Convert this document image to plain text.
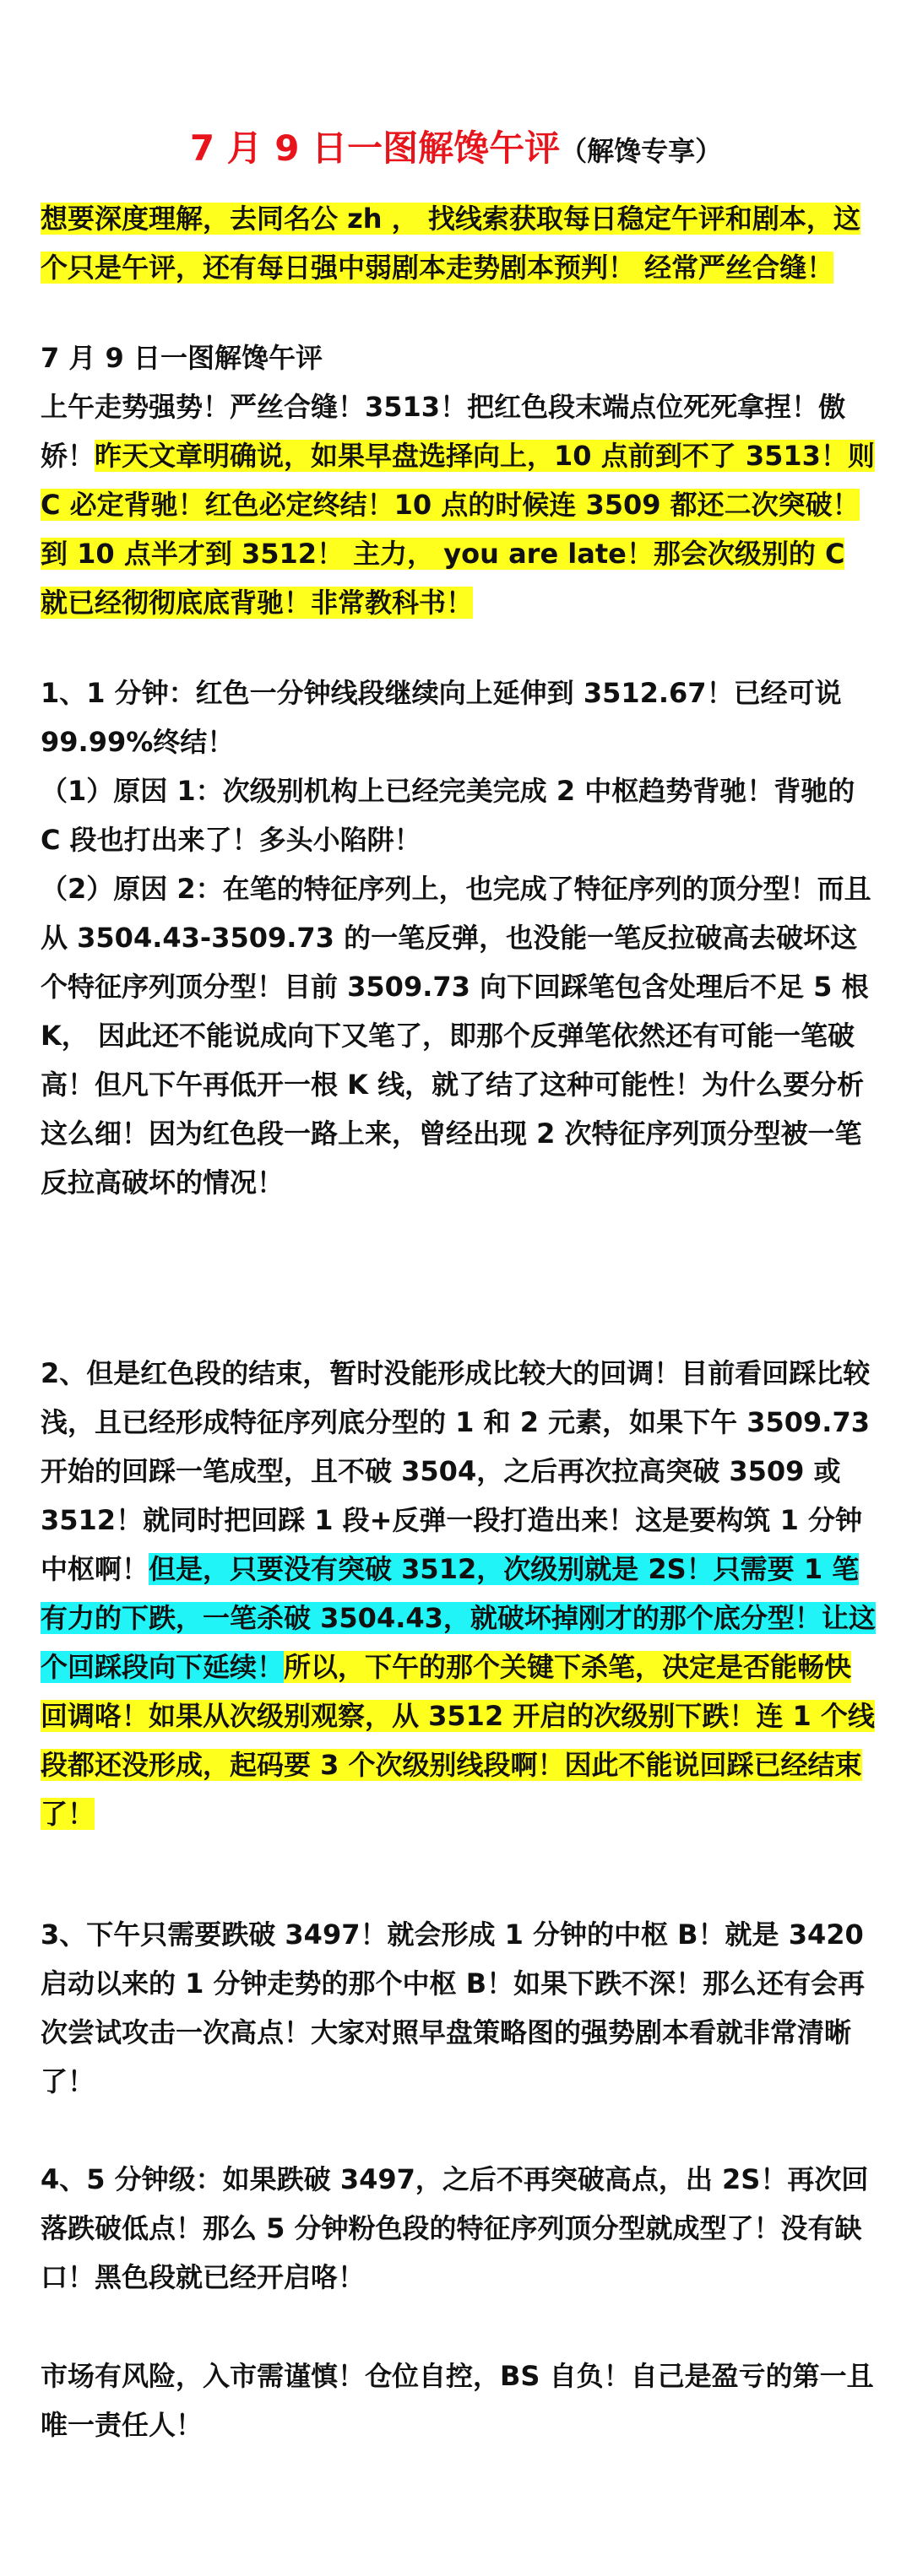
7 月 9 日一图解馋午评（解馋专享）

想要深度理解，去同名公 zh ， 找线索获取每日稳定午评和剧本，这个只是午评，还有每日强中弱剧本走势剧本预判！ 经常严丝合缝！

7 月 9 日一图解馋午评

上午走势强势！严丝合缝！3513！把红色段末端点位死死拿捏！傲娇！昨天文章明确说，如果早盘选择向上，10 点前到不了 3513！则 C 必定背驰！红色必定终结！10 点的时候连 3509 都还二次突破！到 10 点半才到 3512！ 主力， you are late！那会次级别的 C 就已经彻彻底底背驰！非常教科书！

1、1 分钟：红色一分钟线段继续向上延伸到 3512.67！已经可说 99.99%终结！

（1）原因 1：次级别机构上已经完美完成 2 中枢趋势背驰！背驰的 C 段也打出来了！多头小陷阱！

（2）原因 2：在笔的特征序列上，也完成了特征序列的顶分型！而且从 3504.43-3509.73 的一笔反弹，也没能一笔反拉破高去破坏这个特征序列顶分型！目前 3509.73 向下回踩笔包含处理后不足 5 根 K， 因此还不能说成向下又笔了，即那个反弹笔依然还有可能一笔破高！但凡下午再低开一根 K 线，就了结了这种可能性！为什么要分析这么细！因为红色段一路上来，曾经出现 2 次特征序列顶分型被一笔反拉高破坏的情况！

2、但是红色段的结束，暂时没能形成比较大的回调！目前看回踩比较浅，且已经形成特征序列底分型的 1 和 2 元素，如果下午 3509.73 开始的回踩一笔成型，且不破 3504，之后再次拉高突破 3509 或 3512！就同时把回踩 1 段+反弹一段打造出来！这是要构筑 1 分钟中枢啊！但是，只要没有突破 3512，次级别就是 2S！只需要 1 笔有力的下跌，一笔杀破 3504.43，就破坏掉刚才的那个底分型！让这个回踩段向下延续！所以，下午的那个关键下杀笔，决定是否能畅快回调咯！如果从次级别观察，从 3512 开启的次级别下跌！连 1 个线段都还没形成，起码要 3 个次级别线段啊！因此不能说回踩已经结束了！

3、下午只需要跌破 3497！就会形成 1 分钟的中枢 B！就是 3420 启动以来的 1 分钟走势的那个中枢 B！如果下跌不深！那么还有会再次尝试攻击一次高点！大家对照早盘策略图的强势剧本看就非常清晰了！

4、5 分钟级：如果跌破 3497，之后不再突破高点，出 2S！再次回落跌破低点！那么 5 分钟粉色段的特征序列顶分型就成型了！没有缺口！黑色段就已经开启咯！

市场有风险，入市需谨慎！仓位自控，BS 自负！自己是盈亏的第一且唯一责任人！
